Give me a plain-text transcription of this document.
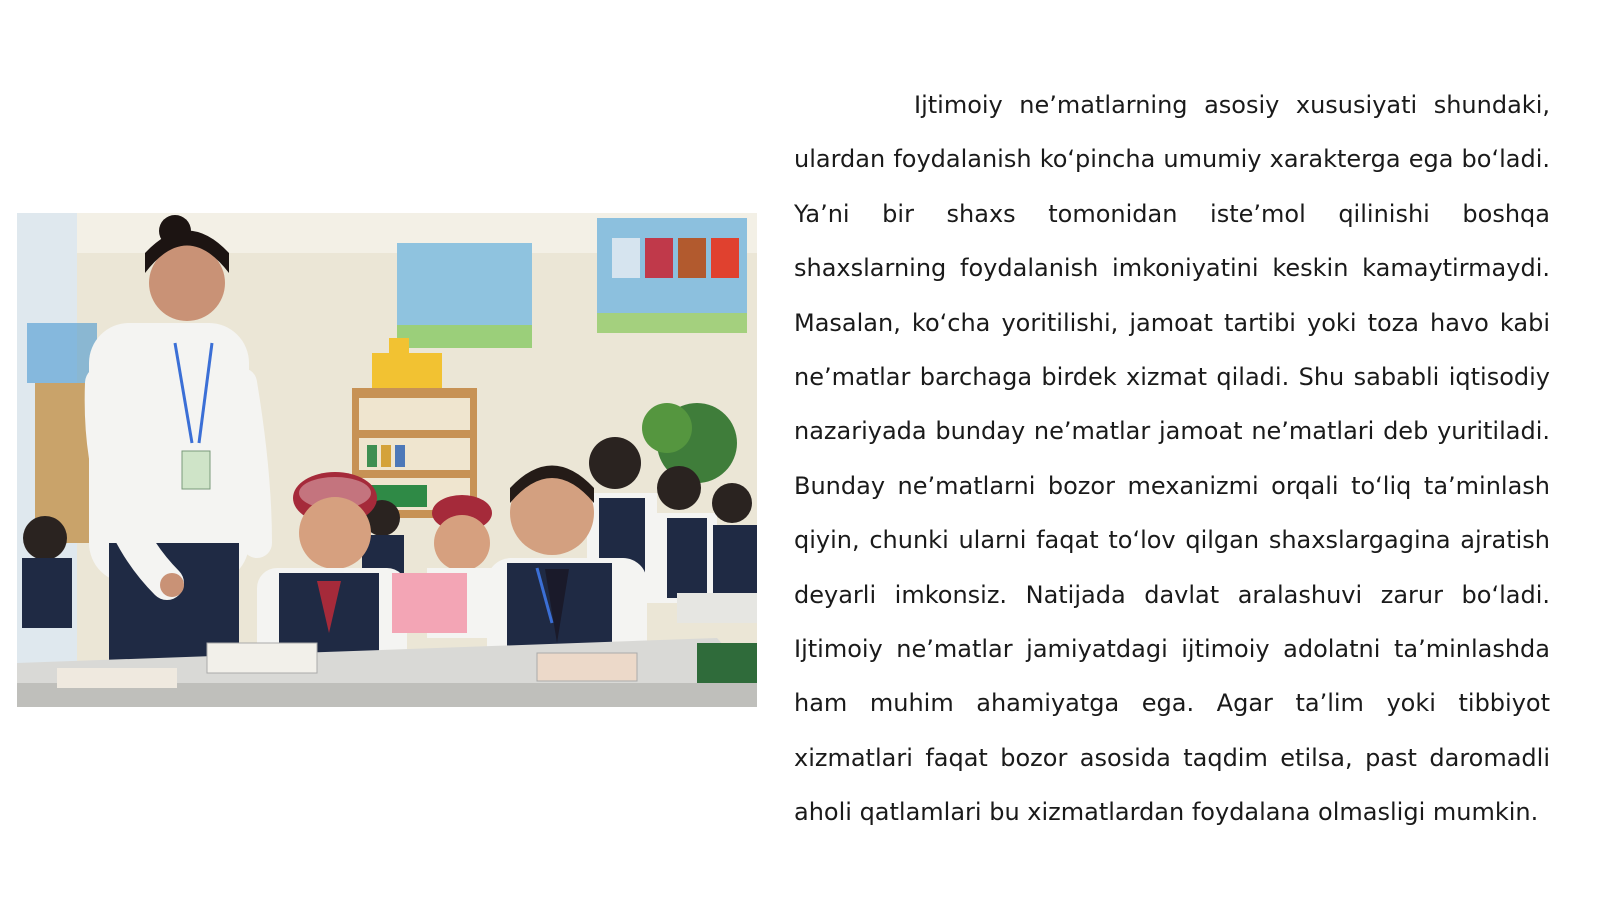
Ijtimoiy ne’matlarning asosiy xususiyati shundaki, ulardan foydalanish ko‘pincha umumiy xarakterga ega bo‘ladi. Ya’ni bir shaxs tomonidan iste’mol qilinishi boshqa shaxslarning foydalanish imkoniyatini keskin kamaytirmaydi. Masalan, ko‘cha yoritilishi, jamoat tartibi yoki toza havo kabi ne’matlar barchaga birdek xizmat qiladi. Shu sababli iqtisodiy nazariyada bunday ne’matlar jamoat ne’matlari deb yuritiladi. Bunday ne’matlarni bozor mexanizmi orqali to‘liq ta’minlash qiyin, chunki ularni faqat to‘lov qilgan shaxslargagina ajratish deyarli imkonsiz. Natijada davlat aralashuvi zarur bo‘ladi. Ijtimoiy ne’matlar jamiyatdagi ijtimoiy adolatni ta’minlashda ham muhim ahamiyatga ega. Agar ta’lim yoki tibbiyot xizmatlari faqat bozor asosida taqdim etilsa, past daromadli aholi qatlamlari bu xizmatlardan foydalana olmasligi mumkin.
